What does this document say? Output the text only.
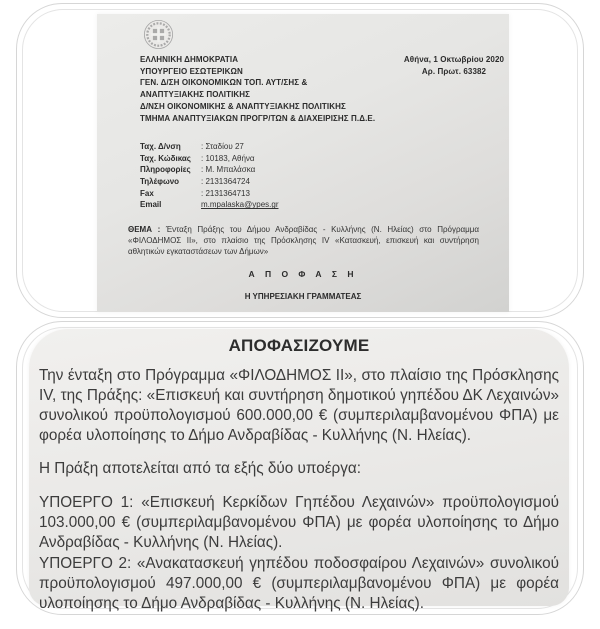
ΕΛΛΗΝΙΚΗ ΔΗΜΟΚΡΑΤΙΑ
ΥΠΟΥΡΓΕΙΟ ΕΣΩΤΕΡΙΚΩΝ
ΓΕΝ. Δ/ΣΗ ΟΙΚΟΝΟΜΙΚΩΝ ΤΟΠ. ΑΥΤ/ΣΗΣ &
ΑΝΑΠΤΥΞΙΑΚΗΣ ΠΟΛΙΤΙΚΗΣ
Δ/ΝΣΗ ΟΙΚΟΝΟΜΙΚΗΣ & ΑΝΑΠΤΥΞΙΑΚΗΣ ΠΟΛΙΤΙΚΗΣ
ΤΜΗΜΑ ΑΝΑΠΤΥΞΙΑΚΩΝ ΠΡΟΓΡ/ΤΩΝ & ΔΙΑΧΕΙΡΙΣΗΣ Π.Δ.Ε.
Αθήνα, 1 Οκτωβρίου 2020
Αρ. Πρωτ. 63382
Ταχ. Δ/νση	: Σταδίου 27
Ταχ. Κώδικας	: 10183, Αθήνα
Πληροφορίες	: Μ. Μπαλάσκα
Τηλέφωνο	: 2131364724
Fax	: 2131364713
Email	m.mpalaska@ypes.gr
ΘΕΜΑ : Ένταξη Πράξης του Δήμου Ανδραβίδας - Κυλλήνης (Ν. Ηλείας) στο Πρόγραμμα «ΦΙΛΟΔΗΜΟΣ ΙΙ», στο πλαίσιο της Πρόσκλησης IV «Κατασκευή, επισκευή και συντήρηση αθλητικών εγκαταστάσεων των Δήμων»
Α Π Ο Φ Α Σ Η
Η ΥΠΗΡΕΣΙΑΚΗ ΓΡΑΜΜΑΤΕΑΣ
ΑΠΟΦΑΣΙΖΟΥΜΕ

Την ένταξη στο Πρόγραμμα «ΦΙΛΟΔΗΜΟΣ ΙΙ», στο πλαίσιο της Πρόσκλησης IV, της Πράξης: «Επισκευή και συντήρηση δημοτικού γηπέδου ΔΚ Λεχαινών» συνολικού προϋπολογισμού 600.000,00 € (συμπεριλαμβανομένου ΦΠΑ) με φορέα υλοποίησης το Δήμο Ανδραβίδας - Κυλλήνης (Ν. Ηλείας).

Η Πράξη αποτελείται από τα εξής δύο υποέργα:

ΥΠΟΕΡΓΟ 1: «Επισκευή Κερκίδων Γηπέδου Λεχαινών» προϋπολογισμού 103.000,00 € (συμπεριλαμβανομένου ΦΠΑ) με φορέα υλοποίησης το Δήμο Ανδραβίδας - Κυλλήνης (Ν. Ηλείας).

ΥΠΟΕΡΓΟ 2: «Ανακατασκευή γηπέδου ποδοσφαίρου Λεχαινών» συνολικού προϋπολογισμού 497.000,00 € (συμπεριλαμβανομένου ΦΠΑ) με φορέα υλοποίησης το Δήμο Ανδραβίδας - Κυλλήνης (Ν. Ηλείας).
